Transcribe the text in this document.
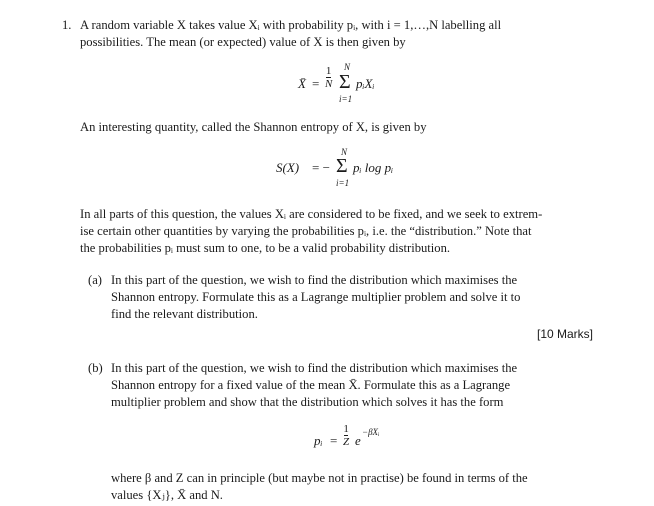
1. A random variable X takes value Xᵢ with probability pᵢ, with i = 1,…,N labelling all
possibilities. The mean (or expected) value of X is then given by
X̄ =
1
N
N
Σ
i=1
pᵢXᵢ
An interesting quantity, called the Shannon entropy of X, is given by
S(X) = −
N
Σ
i=1
pᵢ log pᵢ
In all parts of this question, the values Xᵢ are considered to be fixed, and we seek to extrem-
ise certain other quantities by varying the probabilities pᵢ, i.e. the “distribution.” Note that
the probabilities pᵢ must sum to one, to be a valid probability distribution.
(a) In this part of the question, we wish to find the distribution which maximises the
Shannon entropy. Formulate this as a Lagrange multiplier problem and solve it to
find the relevant distribution.
[10 Marks]
(b) In this part of the question, we wish to find the distribution which maximises the
Shannon entropy for a fixed value of the mean X̄. Formulate this as a Lagrange
multiplier problem and show that the distribution which solves it has the form
pᵢ =
1
Z e
−βXᵢ
where β and Z can in principle (but maybe not in practise) be found in terms of the
values {Xⱼ}, X̄ and N.
